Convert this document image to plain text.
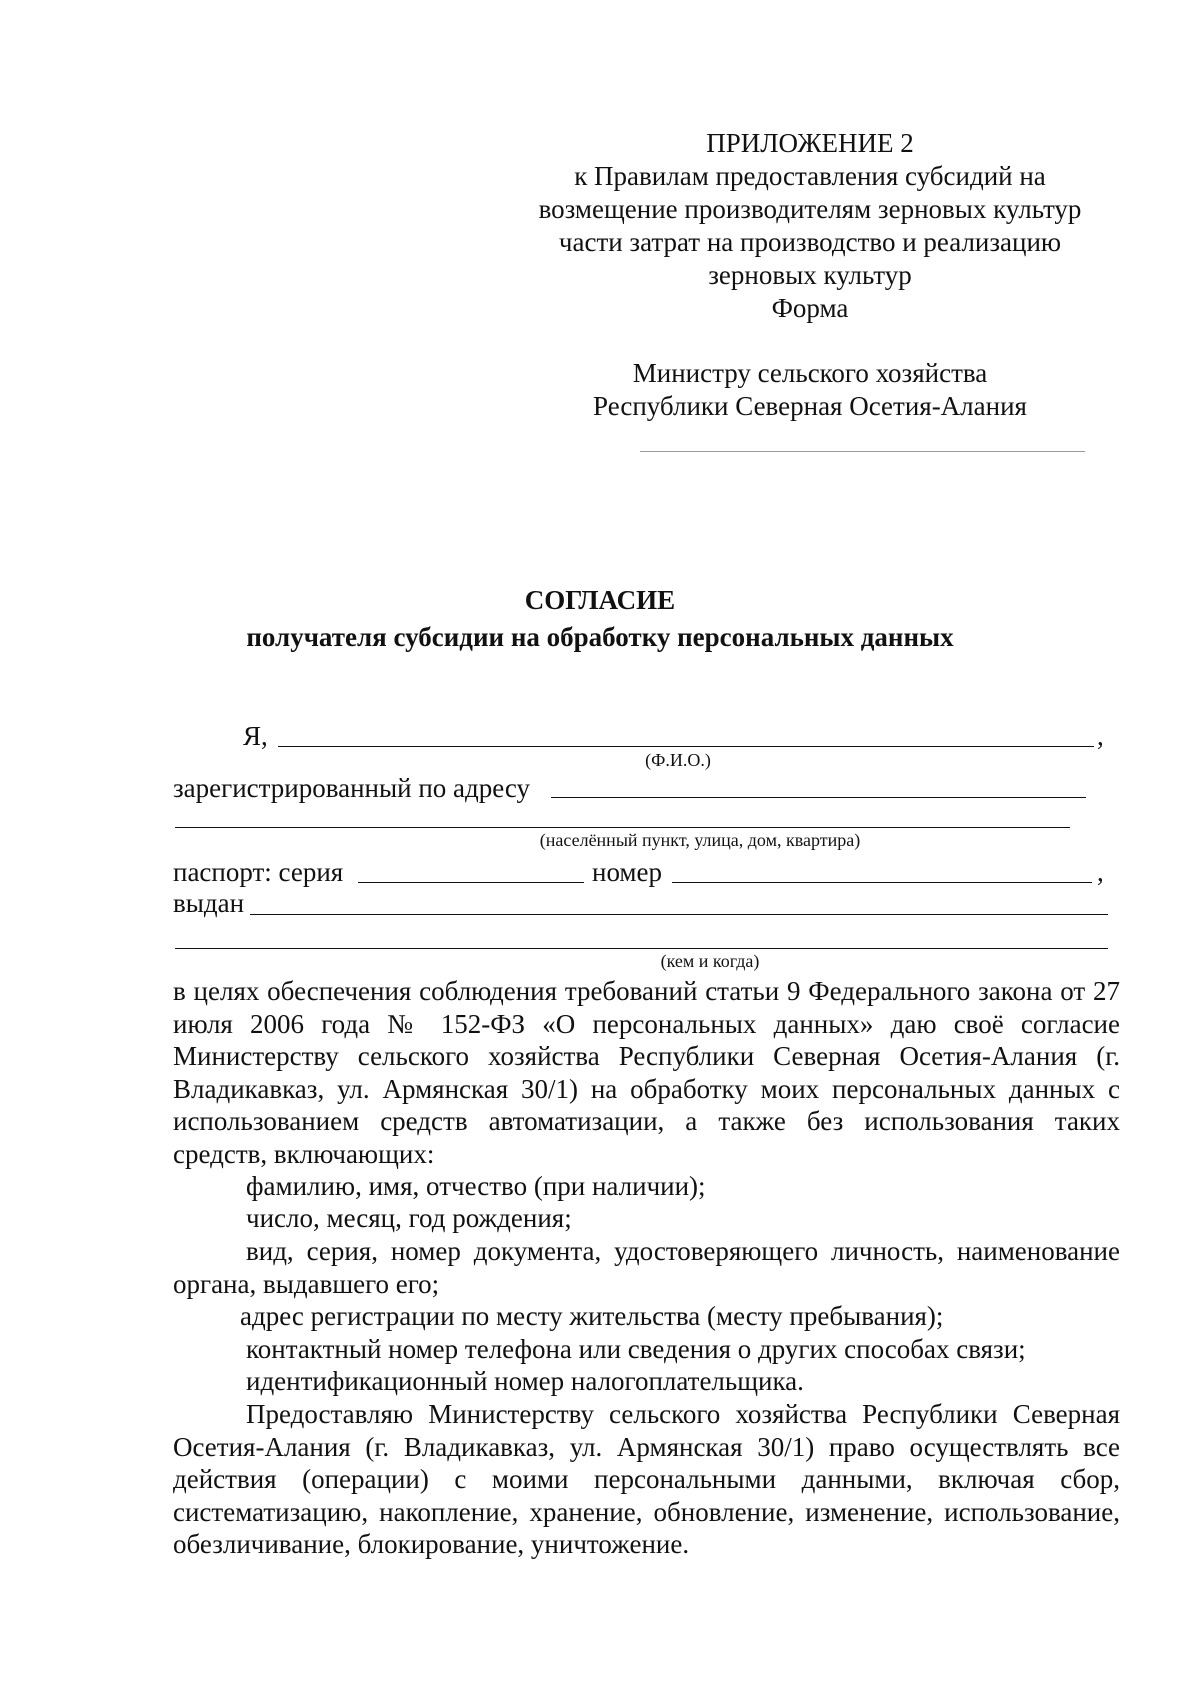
ПРИЛОЖЕНИЕ 2
к Правилам предоставления субсидий на
возмещение производителям зерновых культур
части затрат на производство и реализацию
зерновых культур
Форма
Министру сельского хозяйства
Республики Северная Осетия-Алания
СОГЛАСИЕ
получателя субсидии на обработку персональных данных
Я,	,
(Ф.И.О.)
зарегистрированный по адресу
(населённый пункт, улица, дом, квартира)
паспорт: серия	номер	,
выдан
(кем и когда)
в целях обеспечения соблюдения требований статьи 9 Федерального закона от 27 июля 2006 года № 152-ФЗ «О персональных данных» даю своё согласие Министерству сельского хозяйства Республики Северная Осетия-Алания (г. Владикавказ, ул. Армянская 30/1) на обработку моих персональных данных с использованием средств автоматизации, а также без использования таких средств, включающих:
фамилию, имя, отчество (при наличии);
число, месяц, год рождения;
вид, серия, номер документа, удостоверяющего личность, наименование органа, выдавшего его;
адрес регистрации по месту жительства (месту пребывания);
контактный номер телефона или сведения о других способах связи;
идентификационный номер налогоплательщика.
Предоставляю Министерству сельского хозяйства Республики Северная Осетия-Алания (г. Владикавказ, ул. Армянская 30/1) право осуществлять все действия (операции) с моими персональными данными, включая сбор, систематизацию, накопление, хранение, обновление, изменение, использование, обезличивание, блокирование, уничтожение.
